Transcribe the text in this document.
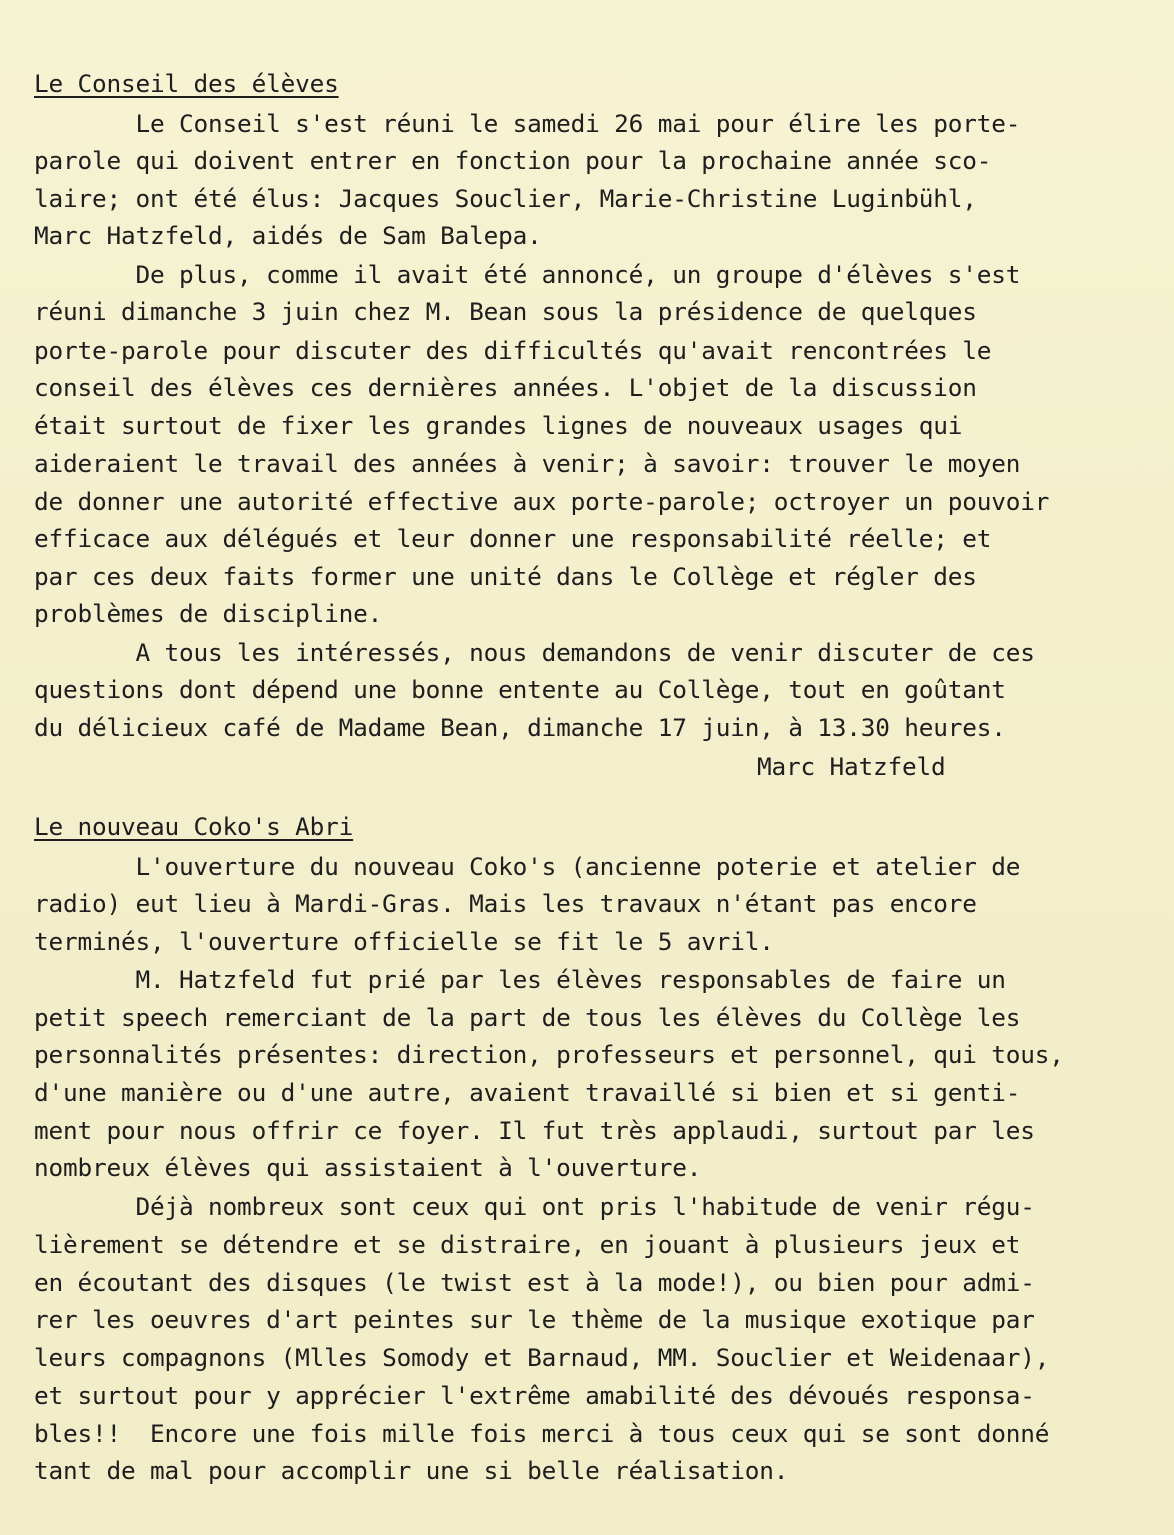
Le Conseil des élèves
Le Conseil s'est réuni le samedi 26 mai pour élire les porte-
parole qui doivent entrer en fonction pour la prochaine année sco-
laire; ont été élus: Jacques Souclier, Marie-Christine Luginbühl,
Marc Hatzfeld, aidés de Sam Balepa.
De plus, comme il avait été annoncé, un groupe d'élèves s'est
réuni dimanche 3 juin chez M. Bean sous la présidence de quelques
porte-parole pour discuter des difficultés qu'avait rencontrées le
conseil des élèves ces dernières années. L'objet de la discussion
était surtout de fixer les grandes lignes de nouveaux usages qui
aideraient le travail des années à venir; à savoir: trouver le moyen
de donner une autorité effective aux porte-parole; octroyer un pouvoir
efficace aux délégués et leur donner une responsabilité réelle; et
par ces deux faits former une unité dans le Collège et régler des
problèmes de discipline.
A tous les intéressés, nous demandons de venir discuter de ces
questions dont dépend une bonne entente au Collège, tout en goûtant
du délicieux café de Madame Bean, dimanche 17 juin, à 13.30 heures.
Marc Hatzfeld
Le nouveau Coko's Abri
L'ouverture du nouveau Coko's (ancienne poterie et atelier de
radio) eut lieu à Mardi-Gras. Mais les travaux n'étant pas encore
terminés, l'ouverture officielle se fit le 5 avril.
M. Hatzfeld fut prié par les élèves responsables de faire un
petit speech remerciant de la part de tous les élèves du Collège les
personnalités présentes: direction, professeurs et personnel, qui tous,
d'une manière ou d'une autre, avaient travaillé si bien et si genti-
ment pour nous offrir ce foyer. Il fut très applaudi, surtout par les
nombreux élèves qui assistaient à l'ouverture.
Déjà nombreux sont ceux qui ont pris l'habitude de venir régu-
lièrement se détendre et se distraire, en jouant à plusieurs jeux et
en écoutant des disques (le twist est à la mode!), ou bien pour admi-
rer les oeuvres d'art peintes sur le thème de la musique exotique par
leurs compagnons (Mlles Somody et Barnaud, MM. Souclier et Weidenaar),
et surtout pour y apprécier l'extrême amabilité des dévoués responsa-
bles!!  Encore une fois mille fois merci à tous ceux qui se sont donné
tant de mal pour accomplir une si belle réalisation.
